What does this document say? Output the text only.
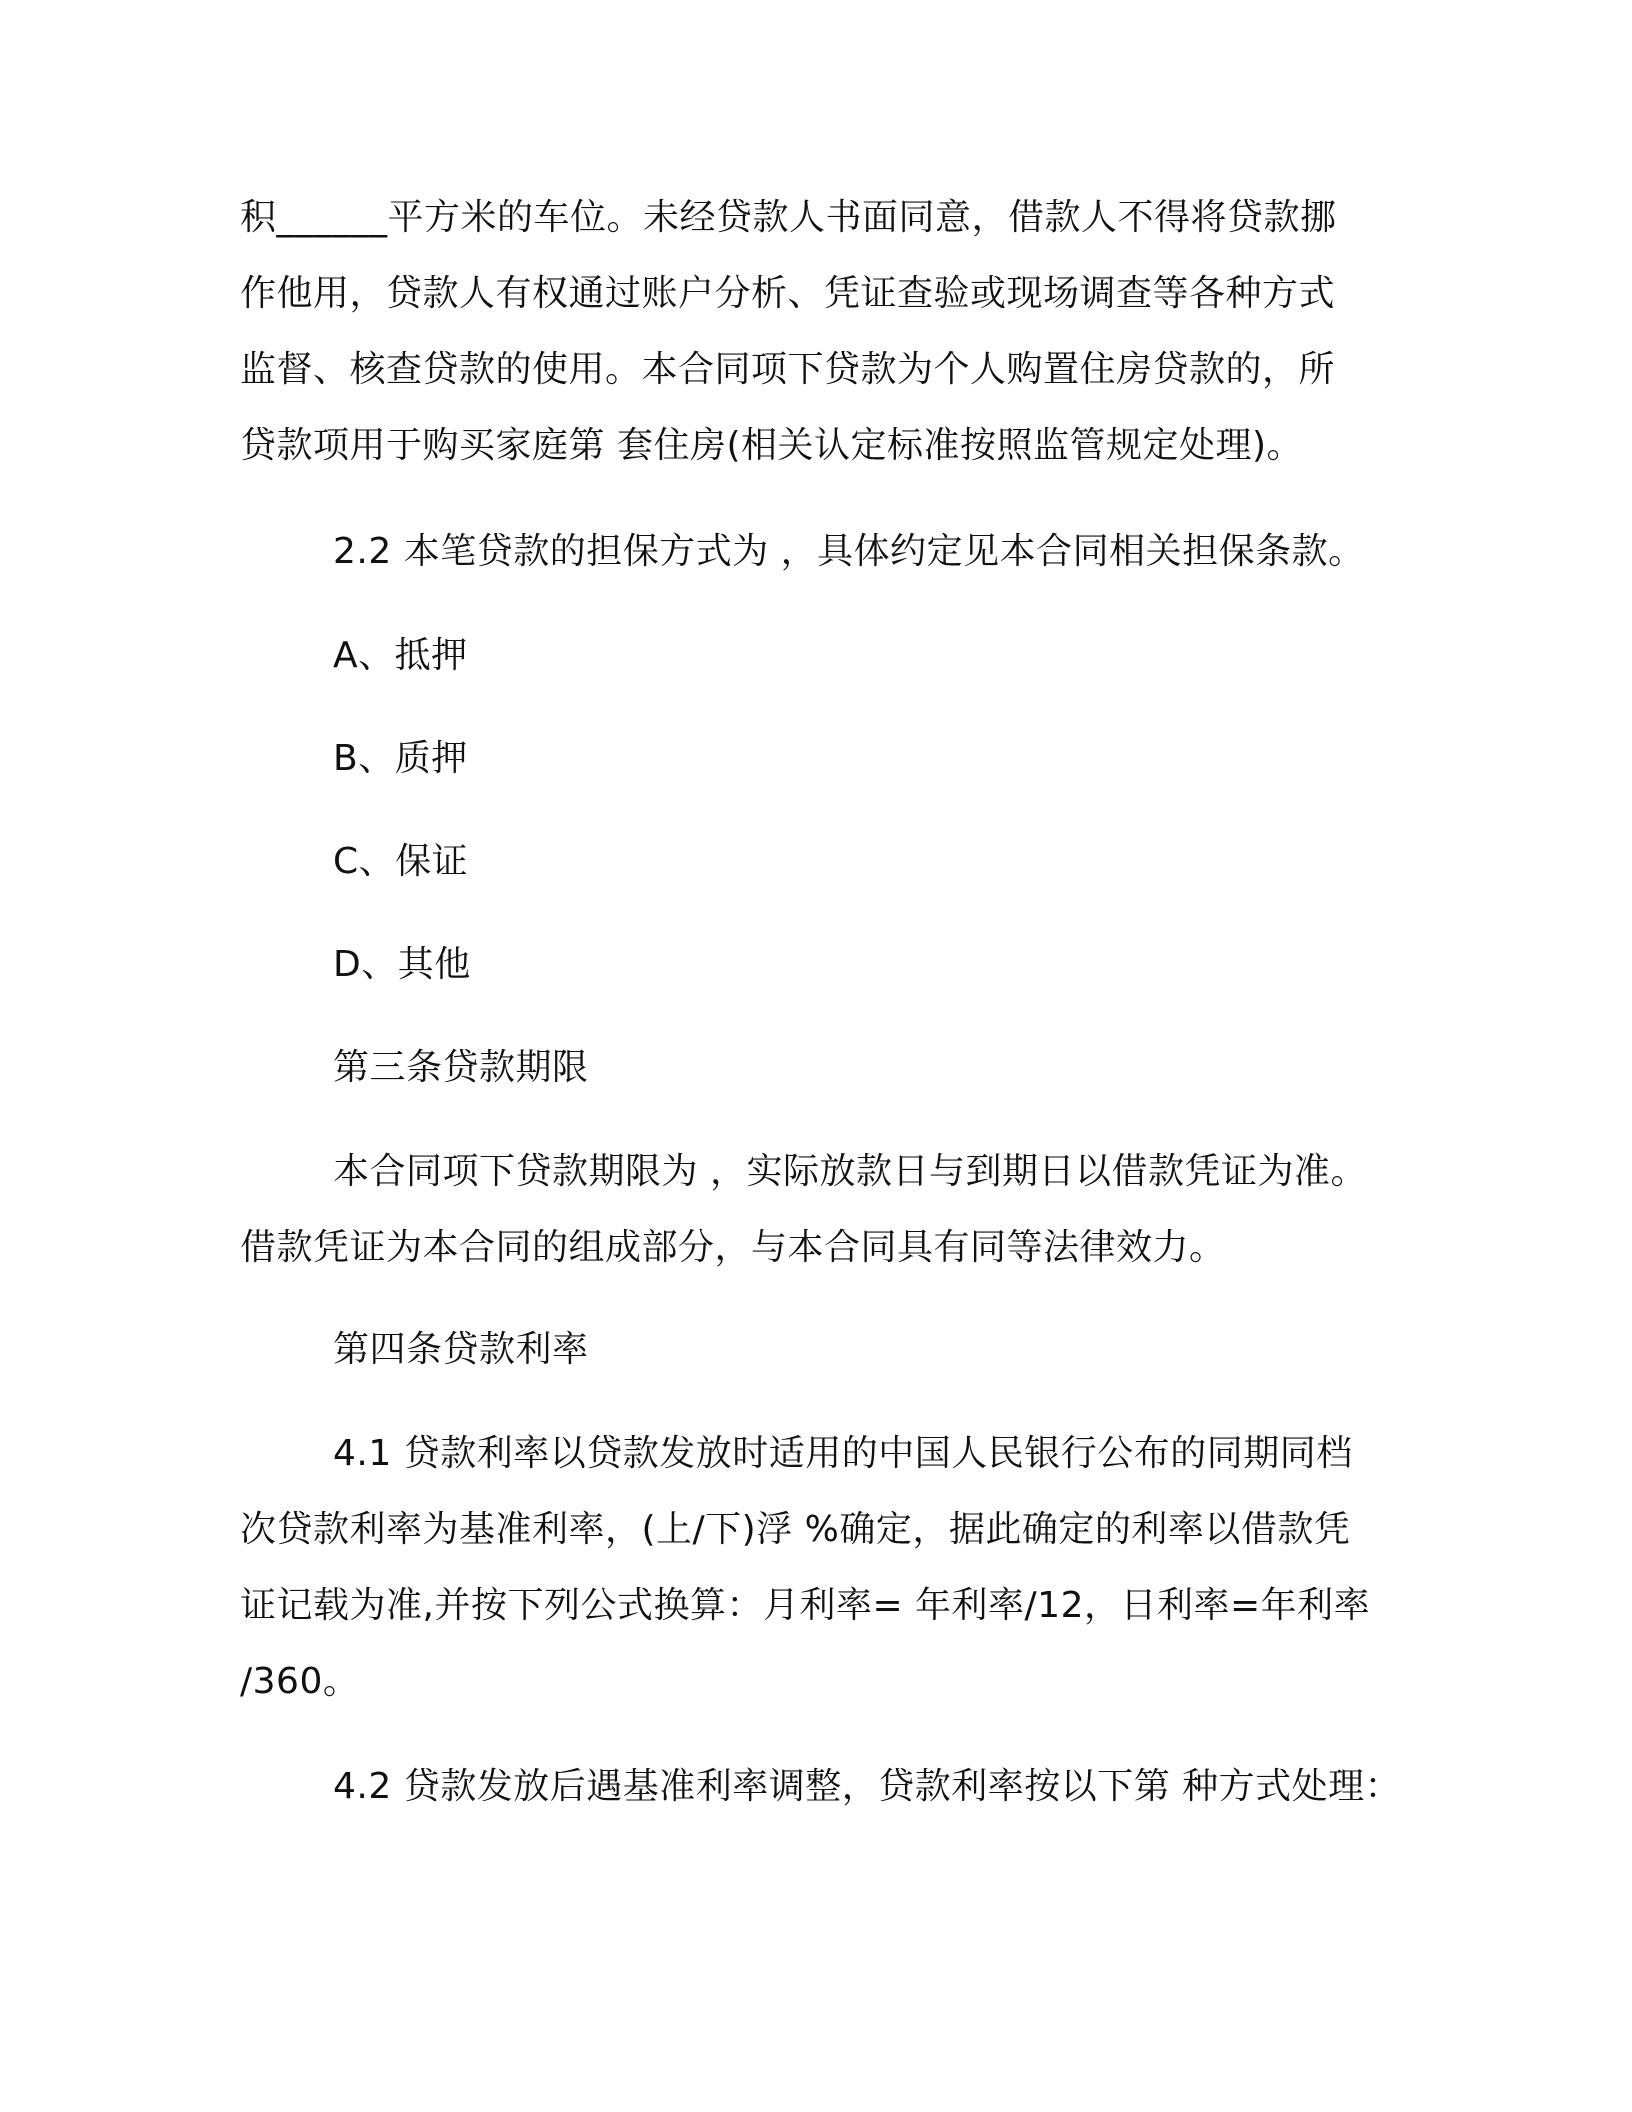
积______平方米的车位。未经贷款人书面同意，借款人不得将贷款挪
作他用，贷款人有权通过账户分析、凭证查验或现场调查等各种方式
监督、核查贷款的使用。本合同项下贷款为个人购置住房贷款的，所
贷款项用于购买家庭第 套住房(相关认定标准按照监管规定处理)。
2.2 本笔贷款的担保方式为 ，具体约定见本合同相关担保条款。
A、抵押
B、质押
C、保证
D、其他
第三条贷款期限
本合同项下贷款期限为 ，实际放款日与到期日以借款凭证为准。
借款凭证为本合同的组成部分，与本合同具有同等法律效力。
第四条贷款利率
4.1 贷款利率以贷款发放时适用的中国人民银行公布的同期同档
次贷款利率为基准利率，(上/下)浮 %确定，据此确定的利率以借款凭
证记载为准,并按下列公式换算：月利率= 年利率/12，日利率=年利率
/360。
4.2 贷款发放后遇基准利率调整，贷款利率按以下第 种方式处理：
